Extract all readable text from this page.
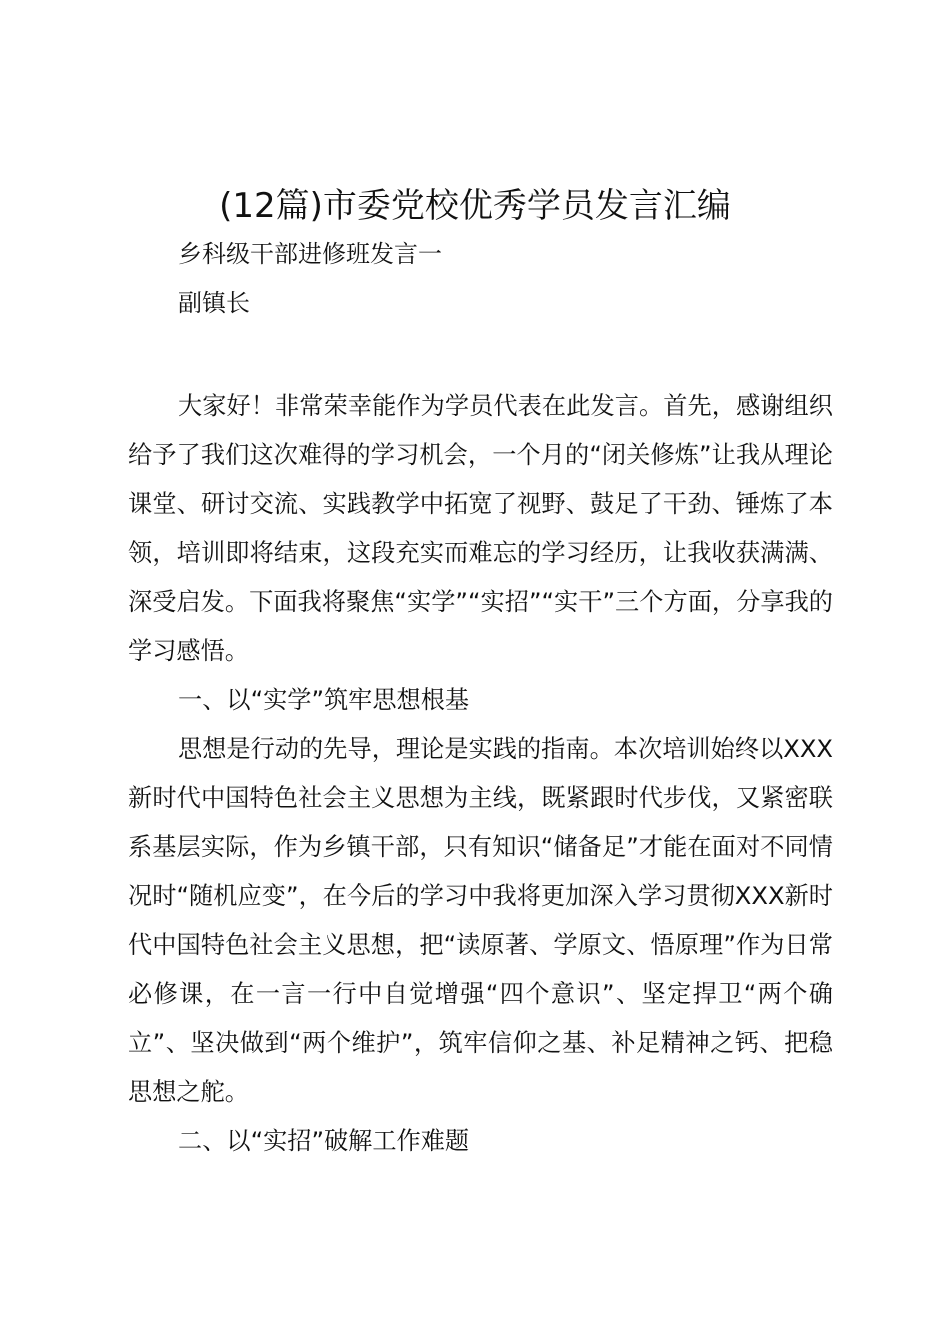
(12篇)市委党校优秀学员发言汇编
乡科级干部进修班发言一
副镇长

大家好！非常荣幸能作为学员代表在此发言。首先，感谢组织给予了我们这次难得的学习机会，一个月的“闭关修炼”让我从理论课堂、研讨交流、实践教学中拓宽了视野、鼓足了干劲、锤炼了本领，培训即将结束，这段充实而难忘的学习经历，让我收获满满、深受启发。下面我将聚焦“实学”“实招”“实干”三个方面，分享我的学习感悟。

一、以“实学”筑牢思想根基

思想是行动的先导，理论是实践的指南。本次培训始终以XXX新时代中国特色社会主义思想为主线，既紧跟时代步伐，又紧密联系基层实际，作为乡镇干部，只有知识“储备足”才能在面对不同情况时“随机应变”，在今后的学习中我将更加深入学习贯彻XXX新时代中国特色社会主义思想，把“读原著、学原文、悟原理”作为日常必修课，在一言一行中自觉增强“四个意识”、坚定捍卫“两个确立”、坚决做到“两个维护”，筑牢信仰之基、补足精神之钙、把稳思想之舵。

二、以“实招”破解工作难题
